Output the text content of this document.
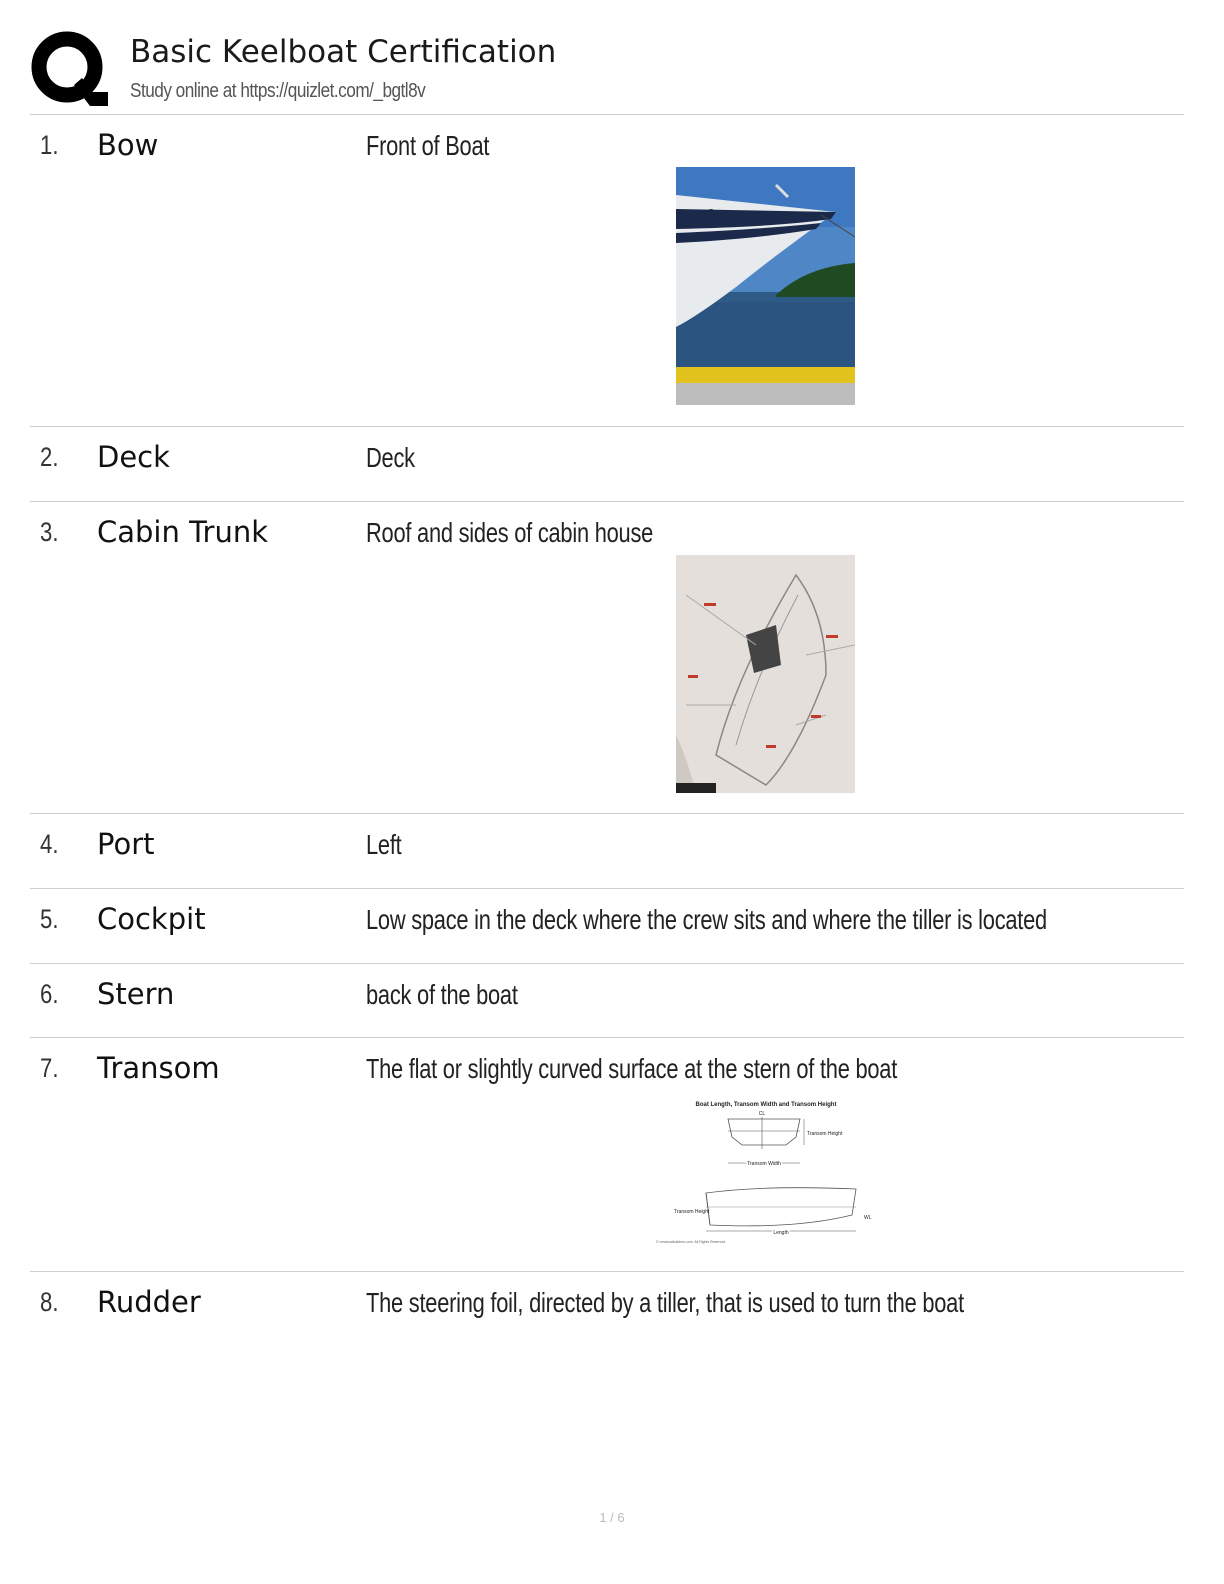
Basic Keelboat Certification
Study online at https://quizlet.com/_bgtl8v
1. Bow	Front of Boat
2. Deck	Deck
3. Cabin Trunk	Roof and sides of cabin house
4. Port	Left
5. Cockpit	Low space in the deck where the crew sits and where the tiller is located
6. Stern	back of the boat
7. Transom	The flat or slightly curved surface at the stern of the boat
Boat Length, Transom Width and Transom Height
CL
Transom Height
Transom Width
Transom Height
WL
Length
© newboatbuilders.com. All Rights Reserved.
8. Rudder	The steering foil, directed by a tiller, that is used to turn the boat
1 / 6
